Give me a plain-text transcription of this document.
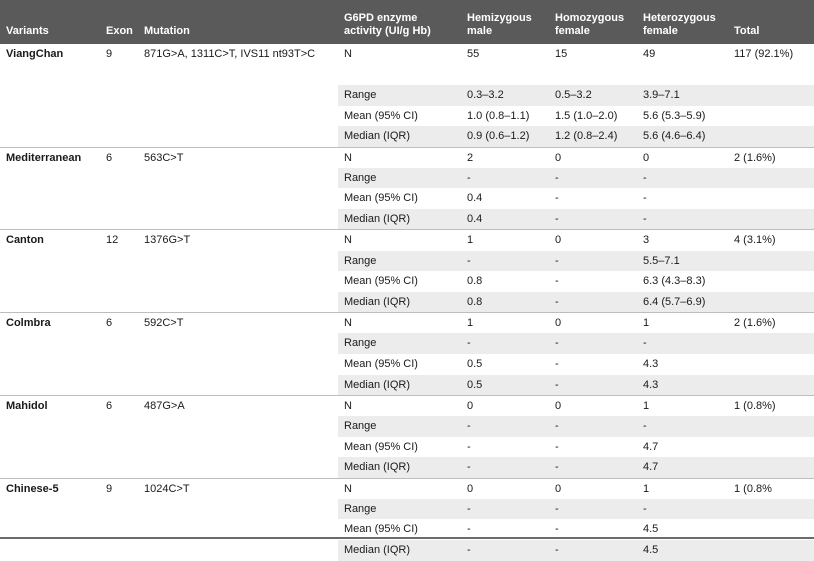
Variants	Exon	Mutation	G6PD enzyme activity (UI/g Hb)	Hemizygous male	Homozygous female	Heterozygous female	Total
ViangChan	9	871G>A, 1311C>T, IVS11 nt93T>C	N	55	15	49	117 (92.1%)
			Range	0.3–3.2	0.5–3.2	3.9–7.1	
			Mean (95% CI)	1.0 (0.8–1.1)	1.5 (1.0–2.0)	5.6 (5.3–5.9)	
			Median (IQR)	0.9 (0.6–1.2)	1.2 (0.8–2.4)	5.6 (4.6–6.4)	
Mediterranean	6	563C>T	N	2	0	0	2 (1.6%)
			Range	-	-	-	
			Mean (95% CI)	0.4	-	-	
			Median (IQR)	0.4	-	-	
Canton	12	1376G>T	N	1	0	3	4 (3.1%)
			Range	-	-	5.5–7.1	
			Mean (95% CI)	0.8	-	6.3 (4.3–8.3)	
			Median (IQR)	0.8	-	6.4 (5.7–6.9)	
Colmbra	6	592C>T	N	1	0	1	2 (1.6%)
			Range	-	-	-	
			Mean (95% CI)	0.5	-	4.3	
			Median (IQR)	0.5	-	4.3	
Mahidol	6	487G>A	N	0	0	1	1 (0.8%)
			Range	-	-	-	
			Mean (95% CI)	-	-	4.7	
			Median (IQR)	-	-	4.7	
Chinese-5	9	1024C>T	N	0	0	1	1 (0.8%
			Range	-	-	-	
			Mean (95% CI)	-	-	4.5	
			Median (IQR)	-	-	4.5	
